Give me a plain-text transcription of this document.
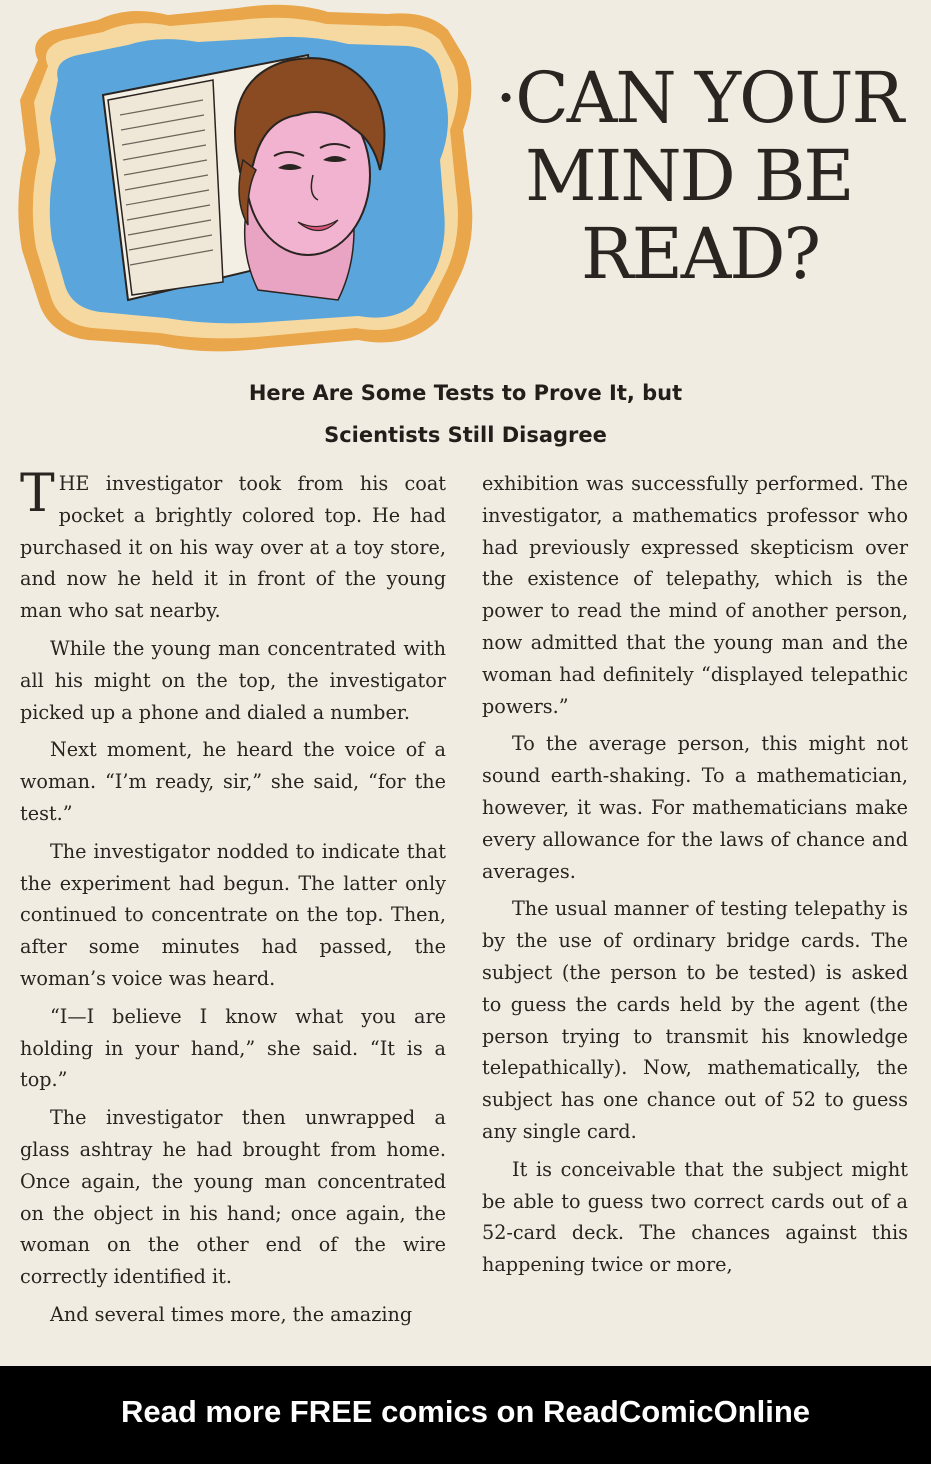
·CAN YOUR
MIND BE
READ?
Here Are Some Tests to Prove It, but
Scientists Still Disagree

THE investigator took from his coat pocket a brightly colored top. He had purchased it on his way over at a toy store, and now he held it in front of the young man who sat nearby.

While the young man concentrated with all his might on the top, the investigator picked up a phone and dialed a number.

Next moment, he heard the voice of a woman. “I’m ready, sir,” she said, “for the test.”

The investigator nodded to indicate that the experiment had begun. The latter only continued to concentrate on the top. Then, after some minutes had passed, the woman’s voice was heard.

“I—I believe I know what you are holding in your hand,” she said. “It is a top.”

The investigator then unwrapped a glass ashtray he had brought from home. Once again, the young man concentrated on the object in his hand; once again, the woman on the other end of the wire correctly identified it.

And several times more, the amazing

exhibition was successfully performed. The investigator, a mathematics professor who had previously expressed skepticism over the existence of telepathy, which is the power to read the mind of another person, now admitted that the young man and the woman had definitely “displayed telepathic powers.”

To the average person, this might not sound earth-shaking. To a mathematician, however, it was. For mathematicians make every allowance for the laws of chance and averages.

The usual manner of testing telepathy is by the use of ordinary bridge cards. The subject (the person to be tested) is asked to guess the cards held by the agent (the person trying to transmit his knowledge telepathically). Now, mathematically, the subject has one chance out of 52 to guess any single card.

It is conceivable that the subject might be able to guess two correct cards out of a 52-card deck. The chances against this happening twice or more,

Read more FREE comics on ReadComicOnline
